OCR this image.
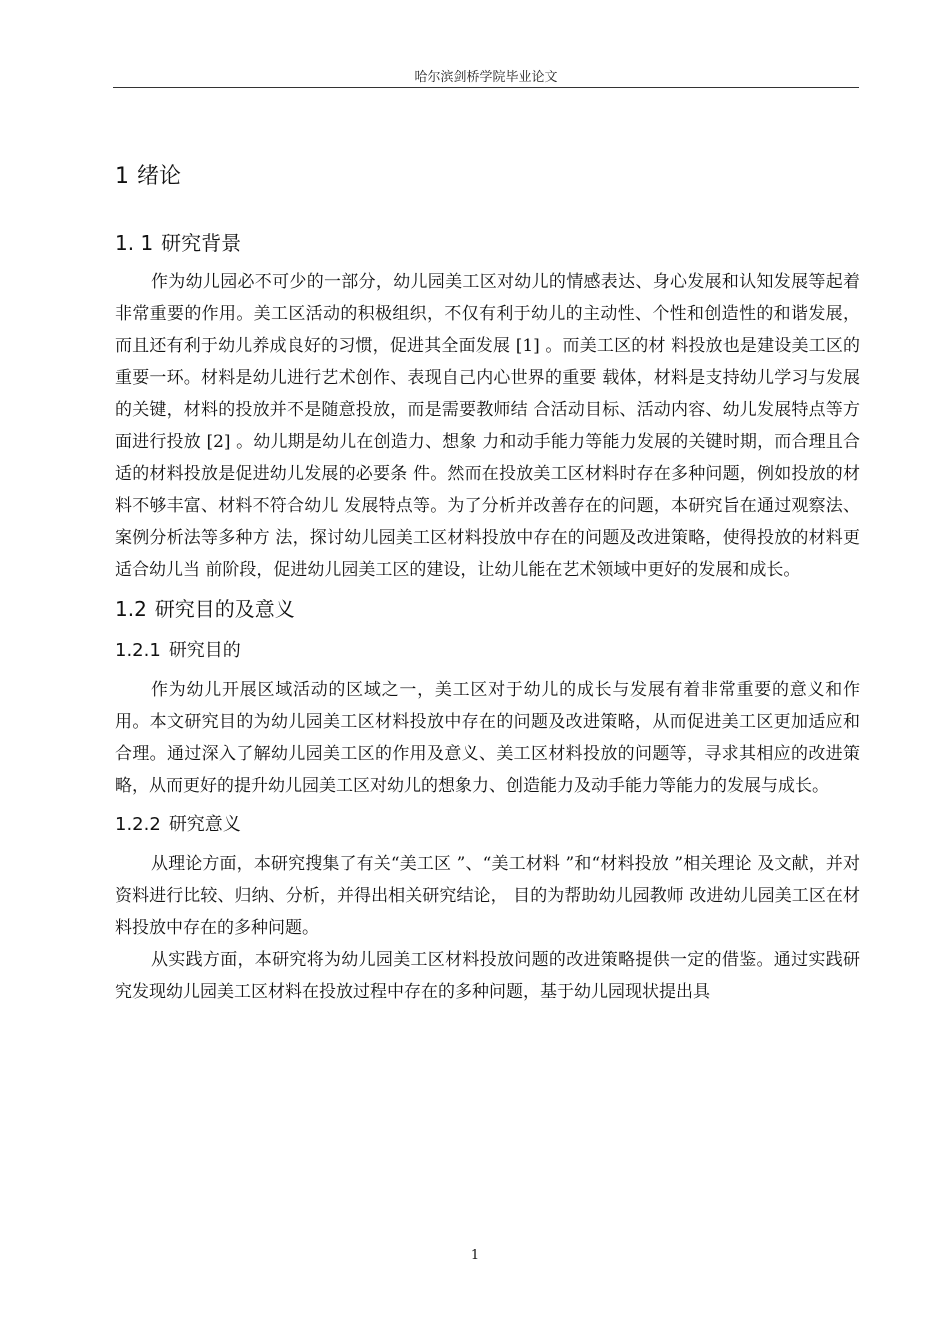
哈尔滨剑桥学院毕业论文
1 绪论
1. 1 研究背景

作为幼儿园必不可少的一部分，幼儿园美工区对幼儿的情感表达、身心发展和认知发展等起着非常重要的作用。美工区活动的积极组织，不仅有利于幼儿的主动性、个性和创造性的和谐发展，而且还有利于幼儿养成良好的习惯，促进其全面发展 [1] 。而美工区的材 料投放也是建设美工区的重要一环。材料是幼儿进行艺术创作、表现自己内心世界的重要 载体，材料是支持幼儿学习与发展的关键，材料的投放并不是随意投放，而是需要教师结 合活动目标、活动内容、幼儿发展特点等方面进行投放 [2] 。幼儿期是幼儿在创造力、想象 力和动手能力等能力发展的关键时期，而合理且合适的材料投放是促进幼儿发展的必要条 件。然而在投放美工区材料时存在多种问题，例如投放的材料不够丰富、材料不符合幼儿 发展特点等。为了分析并改善存在的问题，本研究旨在通过观察法、案例分析法等多种方 法，探讨幼儿园美工区材料投放中存在的问题及改进策略，使得投放的材料更适合幼儿当 前阶段，促进幼儿园美工区的建设，让幼儿能在艺术领域中更好的发展和成长。

1.2 研究目的及意义
1.2.1 研究目的

作为幼儿开展区域活动的区域之一，美工区对于幼儿的成长与发展有着非常重要的意义和作用。本文研究目的为幼儿园美工区材料投放中存在的问题及改进策略，从而促进美工区更加适应和合理。通过深入了解幼儿园美工区的作用及意义、美工区材料投放的问题等，寻求其相应的改进策略，从而更好的提升幼儿园美工区对幼儿的想象力、创造能力及动手能力等能力的发展与成长。

1.2.2 研究意义

从理论方面，本研究搜集了有关“美工区 ”、“美工材料 ”和“材料投放 ”相关理论 及文献，并对资料进行比较、归纳、分析，并得出相关研究结论， 目的为帮助幼儿园教师 改进幼儿园美工区在材料投放中存在的多种问题。

从实践方面，本研究将为幼儿园美工区材料投放问题的改进策略提供一定的借鉴。通过实践研究发现幼儿园美工区材料在投放过程中存在的多种问题，基于幼儿园现状提出具

1
